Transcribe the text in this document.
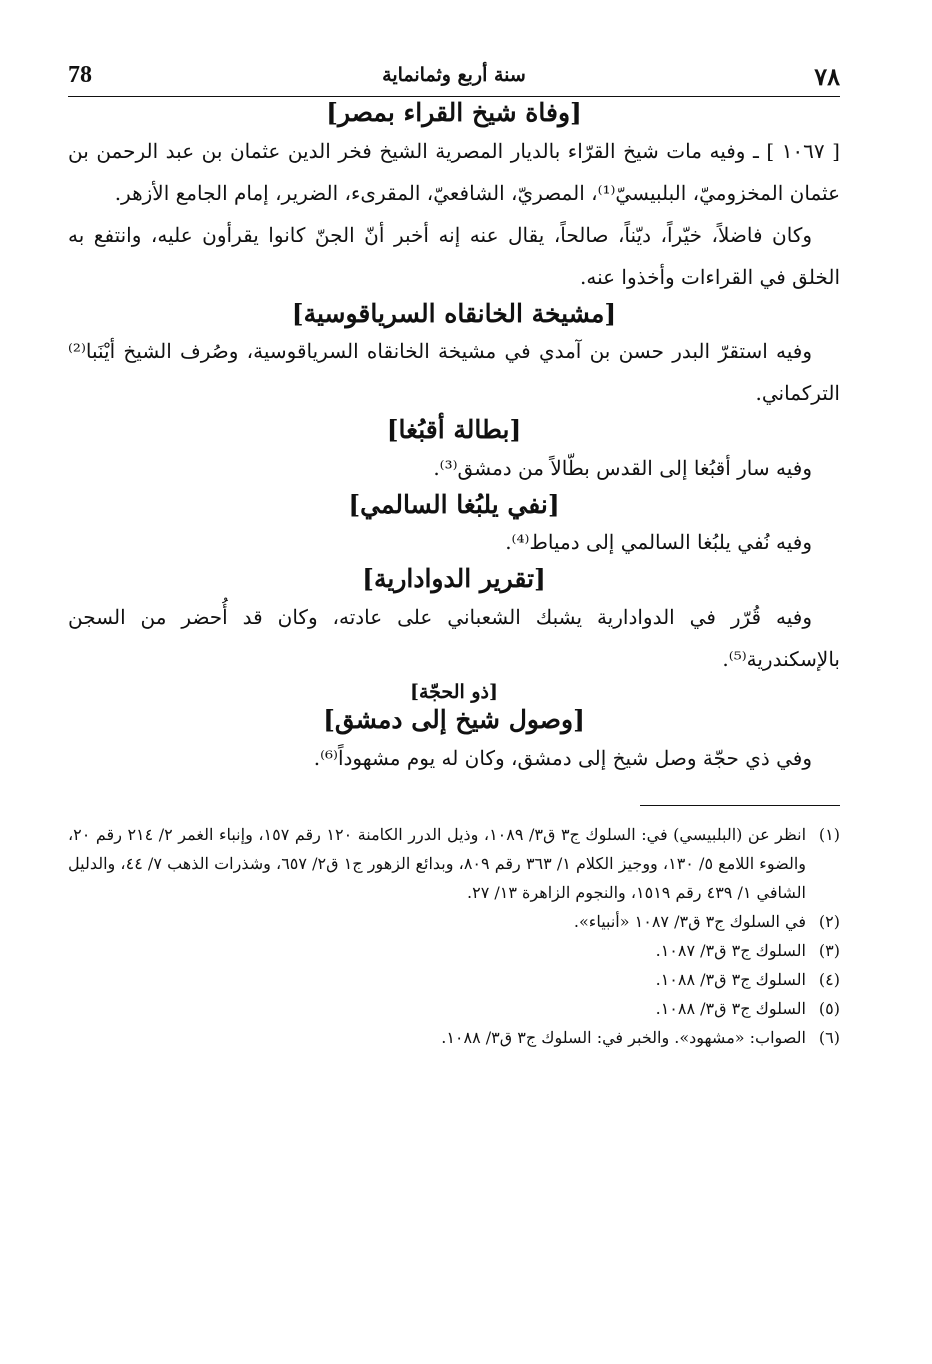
٧٨
سنة أربع وثمانماية
78
[وفاة شيخ القراء بمصر]

[ ١٠٦٧ ] ـ وفيه مات شيخ القرّاء بالديار المصرية الشيخ فخر الدين عثمان بن عبد الرحمن بن عثمان المخزوميّ، البلبيسيّ⁽¹⁾، المصريّ، الشافعيّ، المقرىء، الضرير، إمام الجامع الأزهر.

وكان فاضلاً، خيّراً، ديّناً، صالحاً، يقال عنه إنه أخبر أنّ الجنّ كانوا يقرأون عليه، وانتفع به الخلق في القراءات وأخذوا عنه.

[مشيخة الخانقاه السرياقوسية]

وفيه استقرّ البدر حسن بن آمدي في مشيخة الخانقاه السرياقوسية، وصُرف الشيخ أيْنَبا⁽²⁾ التركماني.

[بطالة أقبُغا]

وفيه سار أقبُغا إلى القدس بطّالاً من دمشق⁽³⁾.

[نفي يلبُغا السالمي]

وفيه نُفي يلبُغا السالمي إلى دمياط⁽⁴⁾.

[تقرير الدوادارية]

وفيه قُرّر في الدوادارية يشبك الشعباني على عادته، وكان قد أُحضر من السجن بالإسكندرية⁽⁵⁾.

[ذو الحجّة]
[وصول شيخ إلى دمشق]

وفي ذي حجّة وصل شيخ إلى دمشق، وكان له يوم مشهوداً⁽⁶⁾.

(١)
انظر عن (البلبيسي) في: السلوك ج٣ ق٣/ ١٠٨٩، وذيل الدرر الكامنة ١٢٠ رقم ١٥٧، وإنباء الغمر ٢/ ٢١٤ رقم ٢٠، والضوء اللامع ٥/ ١٣٠، ووجيز الكلام ١/ ٣٦٣ رقم ٨٠٩، وبدائع الزهور ج١ ق٢/ ٦٥٧، وشذرات الذهب ٧/ ٤٤، والدليل الشافي ١/ ٤٣٩ رقم ١٥١٩، والنجوم الزاهرة ١٣/ ٢٧.
(٢)
في السلوك ج٣ ق٣/ ١٠٨٧ «أنبياء».
(٣)
السلوك ج٣ ق٣/ ١٠٨٧.
(٤)
السلوك ج٣ ق٣/ ١٠٨٨.
(٥)
السلوك ج٣ ق٣/ ١٠٨٨.
(٦)
الصواب: «مشهود». والخبر في: السلوك ج٣ ق٣/ ١٠٨٨.
